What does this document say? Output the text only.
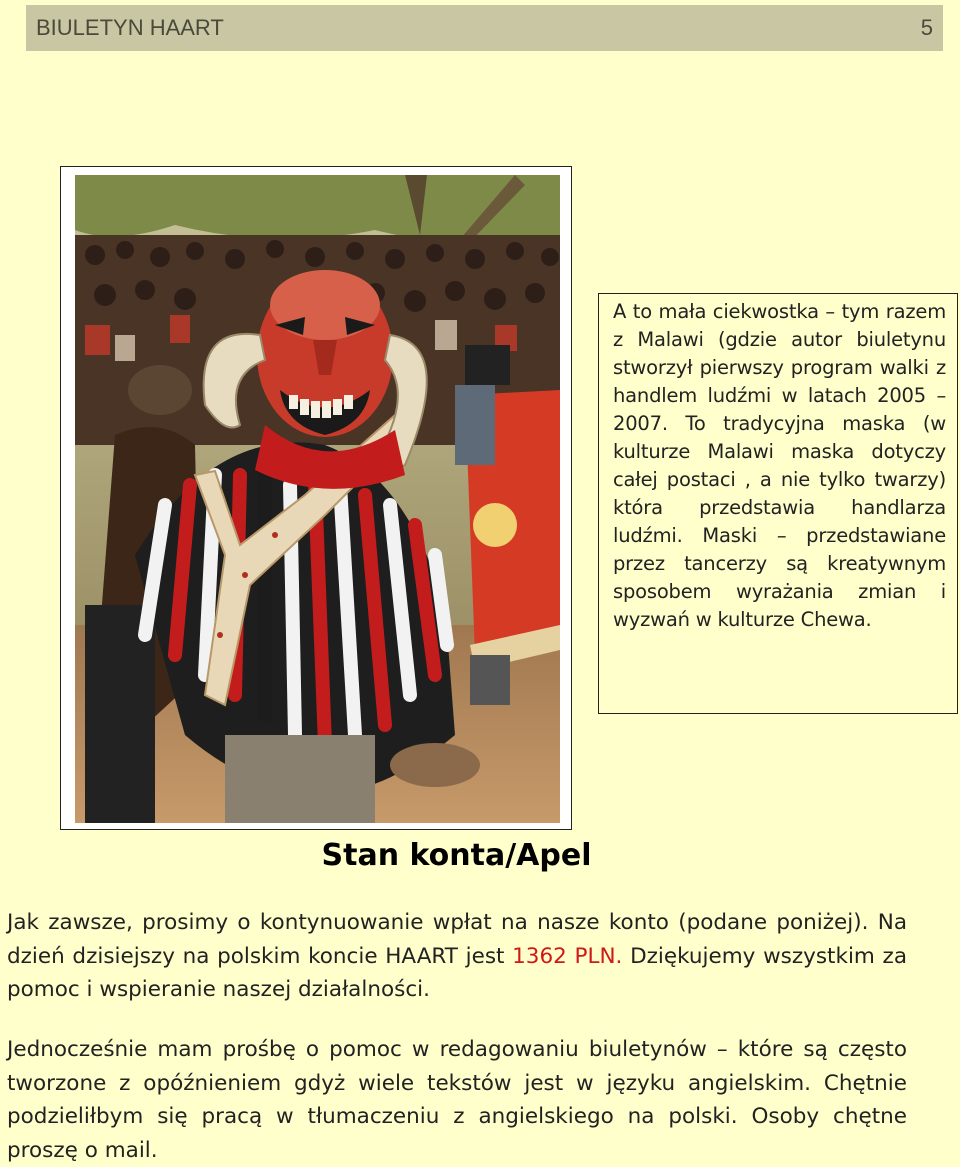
BIULETYN HAART	5

A to mała ciekwostka – tym razem z Malawi (gdzie autor biuletynu stworzył pierwszy program walki z handlem ludźmi w latach 2005 – 2007. To tradycyjna maska (w kulturze Malawi maska dotyczy całej postaci , a nie tylko twarzy) która przedstawia handlarza ludźmi. Maski – przedstawiane przez tancerzy są kreatywnym sposobem wyrażania zmian i wyzwań w kulturze Chewa.

Stan konta/Apel

Jak zawsze, prosimy o kontynuowanie wpłat na nasze konto (podane poniżej). Na dzień dzisiejszy na polskim koncie HAART jest 1362 PLN. Dziękujemy wszystkim za pomoc i wspieranie naszej działalności.

Jednocześnie mam prośbę o pomoc w redagowaniu biuletynów – które są często tworzone z opóźnieniem gdyż wiele tekstów jest w języku angielskim. Chętnie podzieliłbym się pracą w tłumaczeniu z angielskiego na polski. Osoby chętne proszę o mail.
